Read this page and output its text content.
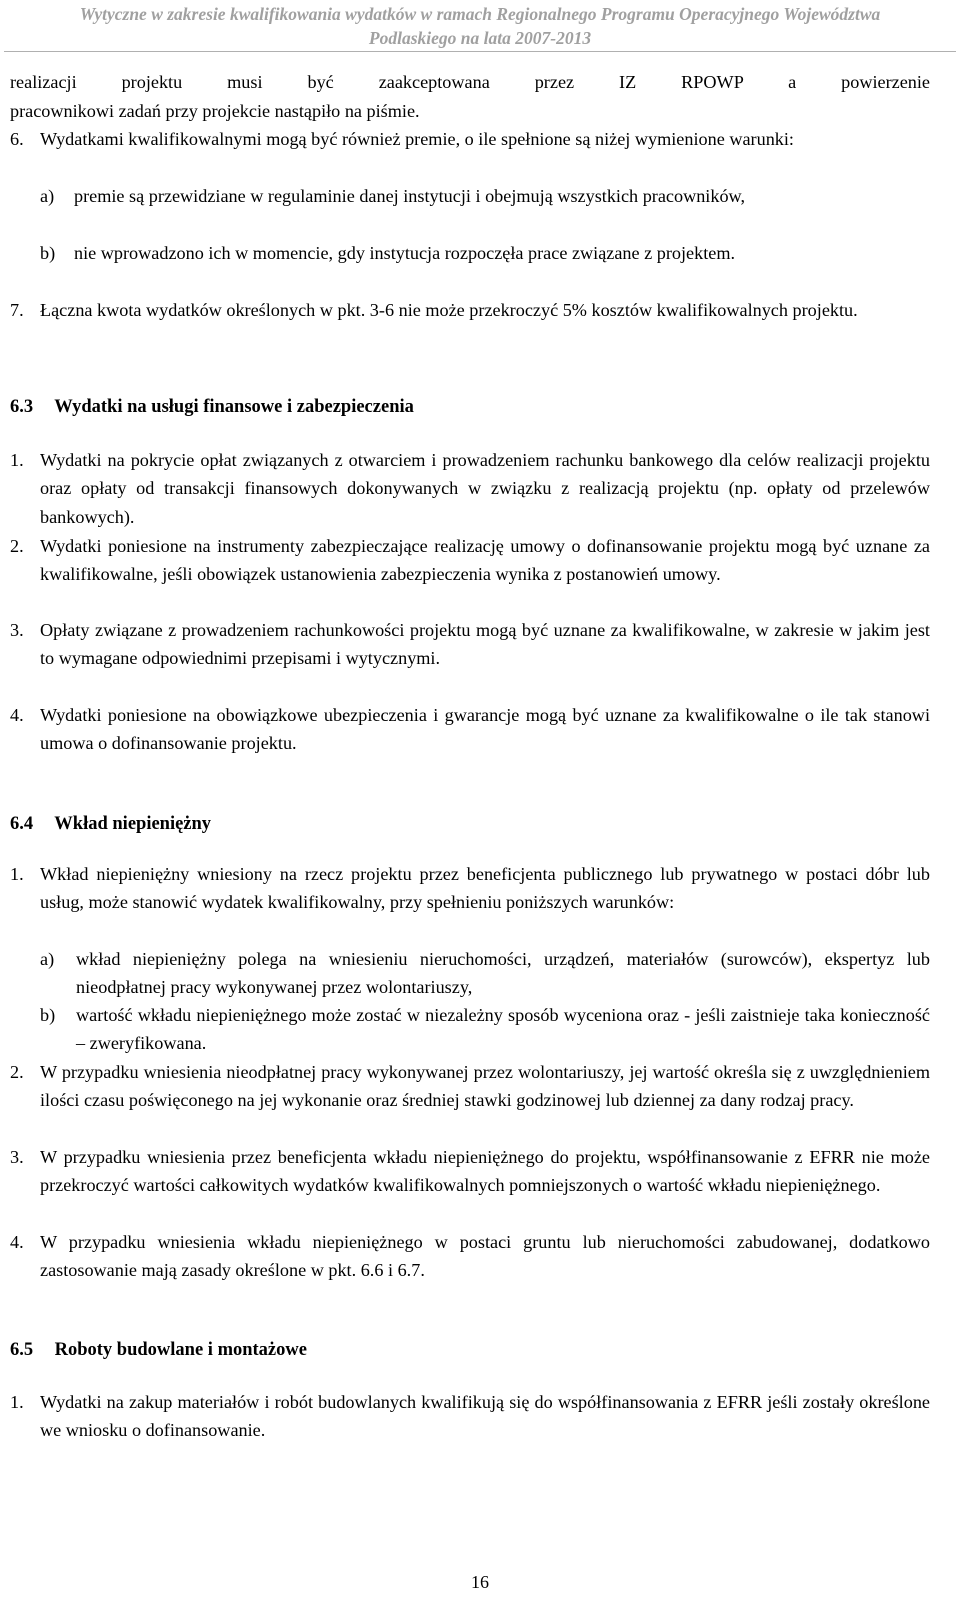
Wytyczne w zakresie kwalifikowania wydatków w ramach Regionalnego Programu Operacyjnego Województwa
Podlaskiego na lata 2007-2013
realizacji projektu musi być zaakceptowana przez IZ RPOWP a powierzenie
pracownikowi zadań przy projekcie nastąpiło na piśmie.
6. Wydatkami kwalifikowalnymi mogą być również premie, o ile spełnione są niżej wymienione warunki:
a) premie są przewidziane w regulaminie danej instytucji i obejmują wszystkich pracowników,
b) nie wprowadzono ich w momencie, gdy instytucja rozpoczęła prace związane z projektem.
7. Łączna kwota wydatków określonych w pkt. 3-6 nie może przekroczyć 5% kosztów kwalifikowalnych projektu.
6.3 Wydatki na usługi finansowe i zabezpieczenia
1. Wydatki na pokrycie opłat związanych z otwarciem i prowadzeniem rachunku bankowego dla celów realizacji projektu oraz opłaty od transakcji finansowych dokonywanych w związku z realizacją projektu (np. opłaty od przelewów bankowych).
2. Wydatki poniesione na instrumenty zabezpieczające realizację umowy o dofinansowanie projektu mogą być uznane za kwalifikowalne, jeśli obowiązek ustanowienia zabezpieczenia wynika z postanowień umowy.
3. Opłaty związane z prowadzeniem rachunkowości projektu mogą być uznane za kwalifikowalne, w zakresie w jakim jest to wymagane odpowiednimi przepisami i wytycznymi.
4. Wydatki poniesione na obowiązkowe ubezpieczenia i gwarancje mogą być uznane za kwalifikowalne o ile tak stanowi umowa o dofinansowanie projektu.
6.4 Wkład niepieniężny
1. Wkład niepieniężny wniesiony na rzecz projektu przez beneficjenta publicznego lub prywatnego w postaci dóbr lub usług, może stanowić wydatek kwalifikowalny, przy spełnieniu poniższych warunków:
a) wkład niepieniężny polega na wniesieniu nieruchomości, urządzeń, materiałów (surowców), ekspertyz lub nieodpłatnej pracy wykonywanej przez wolontariuszy,
b) wartość wkładu niepieniężnego może zostać w niezależny sposób wyceniona oraz - jeśli zaistnieje taka konieczność – zweryfikowana.
2. W przypadku wniesienia nieodpłatnej pracy wykonywanej przez wolontariuszy, jej wartość określa się z uwzględnieniem ilości czasu poświęconego na jej wykonanie oraz średniej stawki godzinowej lub dziennej za dany rodzaj pracy.
3. W przypadku wniesienia przez beneficjenta wkładu niepieniężnego do projektu, współfinansowanie z EFRR nie może przekroczyć wartości całkowitych wydatków kwalifikowalnych pomniejszonych o wartość wkładu niepieniężnego.
4. W przypadku wniesienia wkładu niepieniężnego w postaci gruntu lub nieruchomości zabudowanej, dodatkowo zastosowanie mają zasady określone w pkt. 6.6 i 6.7.
6.5 Roboty budowlane i montażowe
1. Wydatki na zakup materiałów i robót budowlanych kwalifikują się do współfinansowania z EFRR jeśli zostały określone we wniosku o dofinansowanie.
16
